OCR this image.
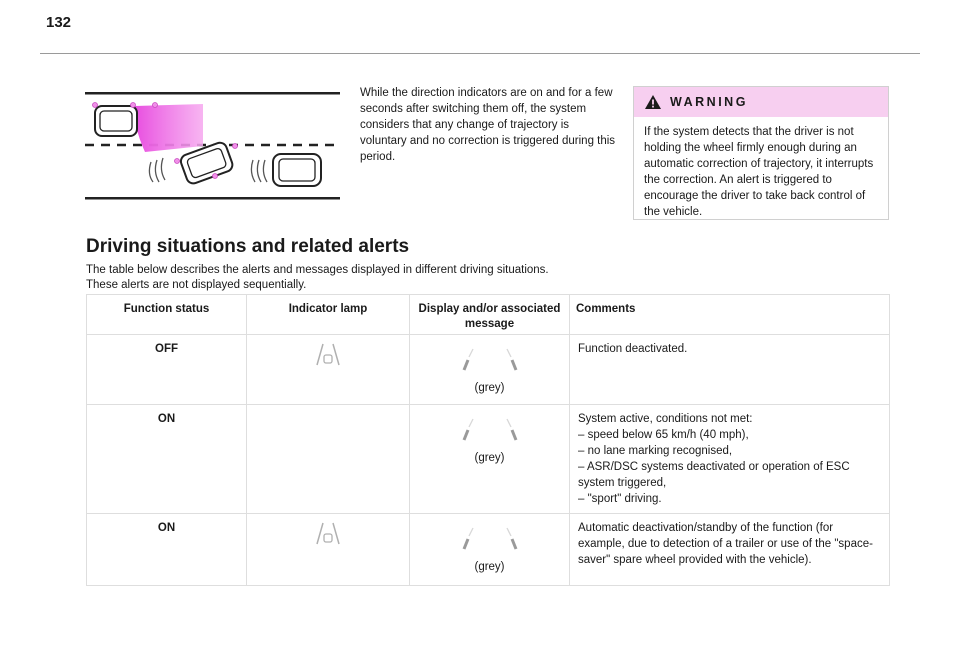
132
While the direction indicators are on and for a few seconds after switching them off, the system considers that any change of trajectory is voluntary and no correction is triggered during this period.
WARNING
If the system detects that the driver is not holding the wheel firmly enough during an automatic correction of trajectory, it interrupts the correction. An alert is triggered to encourage the driver to take back control of the vehicle.
Driving situations and related alerts
The table below describes the alerts and messages displayed in different driving situations.
These alerts are not displayed sequentially.
Function status	Indicator lamp	Display and/or associated message	Comments
OFF		(grey)	Function deactivated.

ON		(grey)	System active, conditions not met:
– speed below 65 km/h (40 mph),
– no lane marking recognised,
– ASR/DSC systems deactivated or operation of ESC system triggered,
– "sport" driving.

ON		(grey)	Automatic deactivation/standby of the function (for example, due to detection of a trailer or use of the "space-saver" spare wheel provided with the vehicle).
